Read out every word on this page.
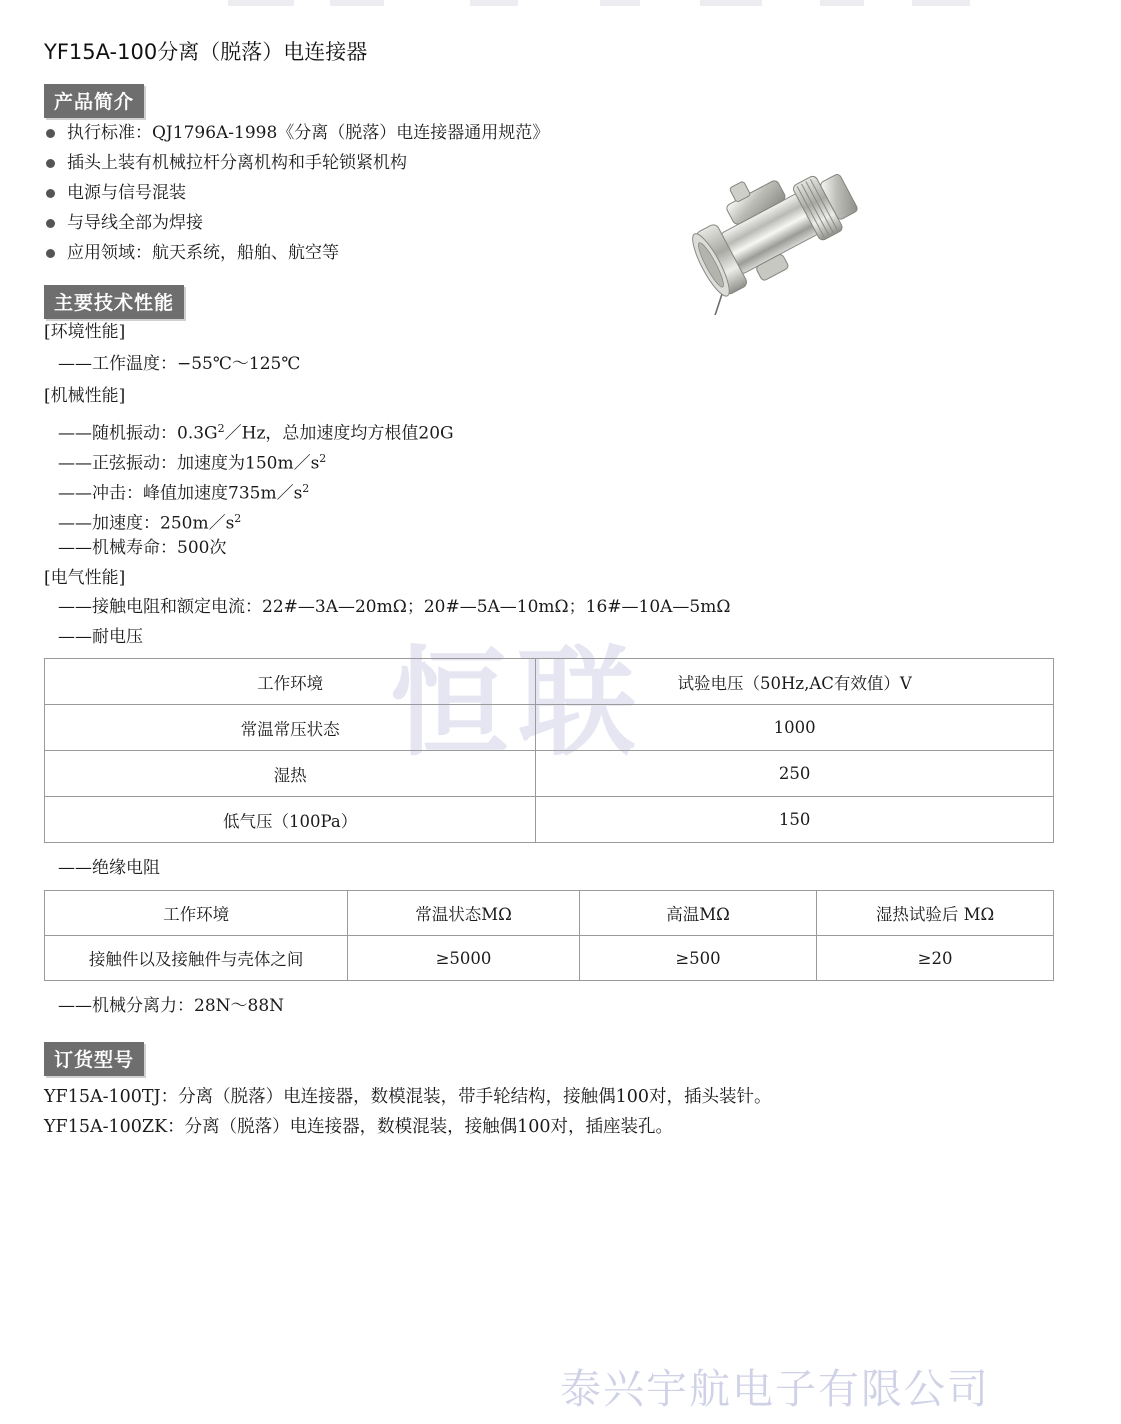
恒联
泰兴宇航电子有限公司
YF15A-100分离（脱落）电连接器
产品简介
执行标准：QJ1796A-1998《分离（脱落）电连接器通用规范》
插头上装有机械拉杆分离机构和手轮锁紧机构
电源与信号混装
与导线全部为焊接
应用领域：航天系统，船舶、航空等
主要技术性能
[环境性能]
——工作温度：−55℃～125℃
[机械性能]
——随机振动：$0.3G^2/Hz$，总加速度均方根值20G
——正弦振动：加速度为$150m/s^2$
——冲击：峰值加速度$735m/s^2$
——加速度：$250m/s^2$
——机械寿命：500次
[电气性能]
——接触电阻和额定电流：22#—3A—20mΩ；20#—5A—10mΩ；16#—10A—5mΩ
——耐电压
工作环境	试验电压（50Hz,AC有效值）V
常温常压状态	1000
湿热	250
低气压（100Pa）	150
——绝缘电阻
工作环境	常温状态MΩ	高温MΩ	湿热试验后 MΩ
接触件以及接触件与壳体之间	≥5000	≥500	≥20
——机械分离力：28N～88N
订货型号
YF15A-100TJ：分离（脱落）电连接器，数模混装，带手轮结构，接触偶100对，插头装针。
YF15A-100ZK：分离（脱落）电连接器，数模混装，接触偶100对，插座装孔。
